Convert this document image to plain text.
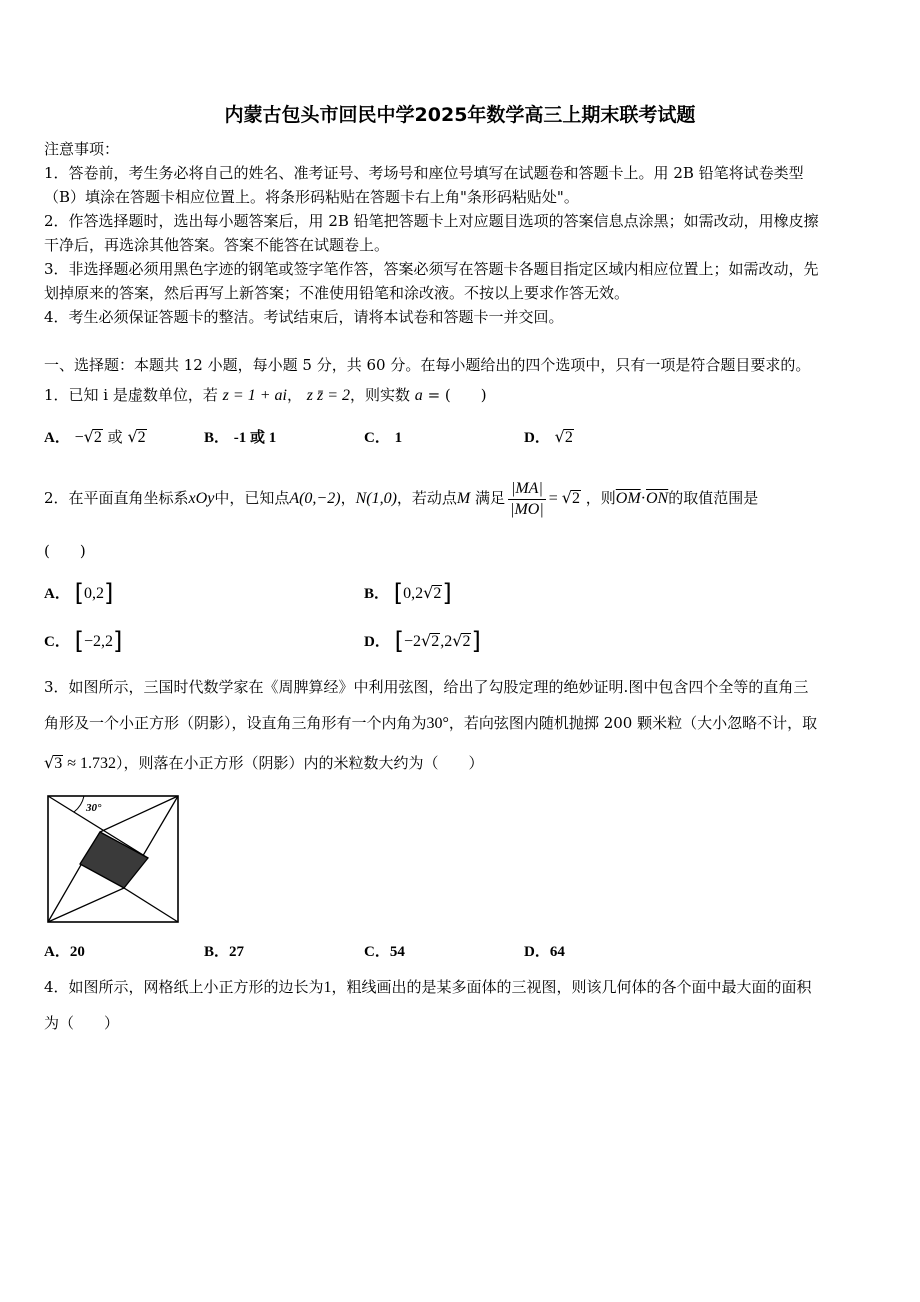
内蒙古包头市回民中学2025年数学高三上期末联考试题
注意事项：
1．答卷前，考生务必将自己的姓名、准考证号、考场号和座位号填写在试题卷和答题卡上。用 2B 铅笔将试卷类型
（B）填涂在答题卡相应位置上。将条形码粘贴在答题卡右上角"条形码粘贴处"。
2．作答选择题时，选出每小题答案后，用 2B 铅笔把答题卡上对应题目选项的答案信息点涂黑；如需改动，用橡皮擦
干净后，再选涂其他答案。答案不能答在试题卷上。
3．非选择题必须用黑色字迹的钢笔或签字笔作答，答案必须写在答题卡各题目指定区域内相应位置上；如需改动，先
划掉原来的答案，然后再写上新答案；不准使用铅笔和涂改液。不按以上要求作答无效。
4．考生必须保证答题卡的整洁。考试结束后，请将本试卷和答题卡一并交回。
一、选择题：本题共 12 小题，每小题 5 分，共 60 分。在每小题给出的四个选项中，只有一项是符合题目要求的。
1．已知 i 是虚数单位，若 z = 1 + ai， z z̄ = 2，则实数 a = (　　)
A． −√2 或 √2	B． -1 或 1	C． 1	D． √2
2．在平面直角坐标系xOy中，已知点A(0,−2)，N(1,0)，若动点M 满足 $\frac{|MA|}{|MO|} = √2$ ，则$\overline{OM}\cdot\overline{ON}$的取值范围是
(　　)
A． [0,2]	B． [0,2√2]
C． [−2,2]	D． [−2√2,2√2]
3．如图所示，三国时代数学家在《周脾算经》中利用弦图，给出了勾股定理的绝妙证明.图中包含四个全等的直角三
角形及一个小正方形（阴影），设直角三角形有一个内角为30°，若向弦图内随机抛掷 200 颗米粒（大小忽略不计，取
√3 ≈ 1.732），则落在小正方形（阴影）内的米粒数大约为（　　）
30°
A．20	B．27	C．54	D．64
4．如图所示，网格纸上小正方形的边长为1，粗线画出的是某多面体的三视图，则该几何体的各个面中最大面的面积
为（　　）
